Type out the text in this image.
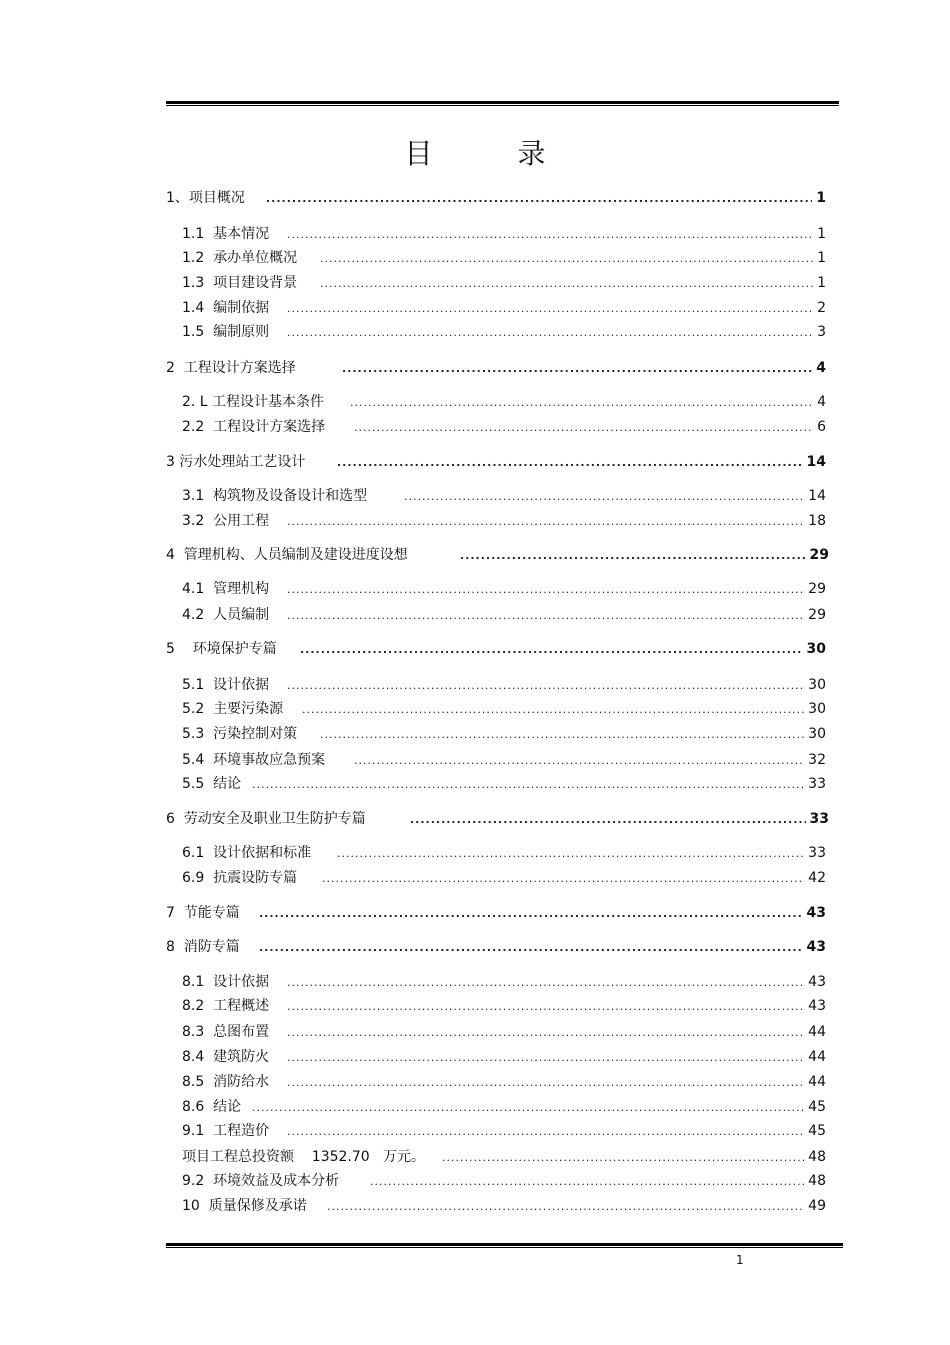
目 录
1、项目概况 .....	1
1.1  基本情况 .....	1
1.2  承办单位概况 .....	1
1.3  项目建设背景 .....	1
1.4  编制依据 .....	2
1.5  编制原则 .....	3
2  工程设计方案选择 .....	4
2. L 工程设计基本条件 .....	4
2.2  工程设计方案选择 .....	6
3 污水处理站工艺设计 .....	14
3.1  构筑物及设备设计和选型 .....	14
3.2  公用工程 .....	18
4  管理机构、人员编制及建设进度设想 .....	29
4.1  管理机构 .....	29
4.2  人员编制 .....	29
5    环境保护专篇 .....	30
5.1  设计依据 .....	30
5.2  主要污染源 .....	30
5.3  污染控制对策 .....	30
5.4  环境事故应急预案 .....	32
5.5  结论 .....	33
6  劳动安全及职业卫生防护专篇 .....	33
6.1  设计依据和标准 .....	33
6.9  抗震设防专篇 .....	42
7  节能专篇 .....	43
8  消防专篇 .....	43
8.1  设计依据 .....	43
8.2  工程概述 .....	43
8.3  总图布置 .....	44
8.4  建筑防火 .....	44
8.5  消防给水 .....	44
8.6  结论 .....	45
9.1  工程造价 .....	45
项目工程总投资额    1352.70   万元。 .....	48
9.2  环境效益及成本分析 .....	48
10  质量保修及承诺 .....	49
1
